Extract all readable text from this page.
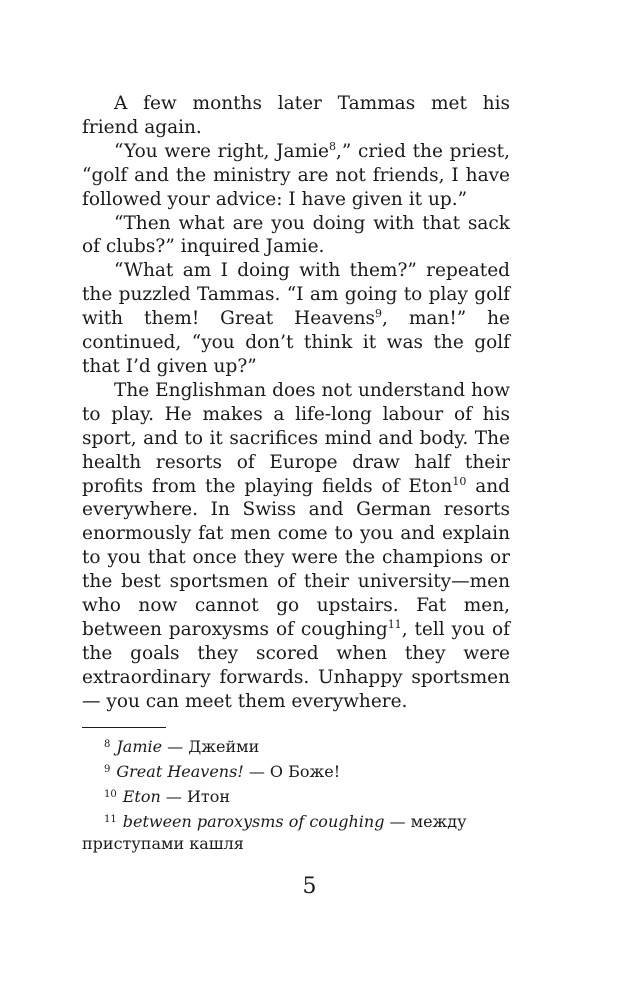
A few months later Tammas met his friend again.

“You were right, Jamie$^8$,” cried the priest, “golf and the ministry are not friends, I have followed your advice: I have given it up.”

“Then what are you doing with that sack of clubs?” inquired Jamie.

“What am I doing with them?” repeated the puzzled Tammas. “I am going to play golf with them! Great Heavens$^9$, man!” he continued, “you don’t think it was the golf that I’d given up?”

The Englishman does not understand how to play. He makes a life-long labour of his sport, and to it sacrifices mind and body. The health resorts of Europe draw half their profits from the playing fields of Eton$^{10}$ and everywhere. In Swiss and German resorts enormously fat men come to you and explain to you that once they were the champions or the best sportsmen of their university—men who now cannot go upstairs. Fat men, between paroxysms of coughing$^{11}$, tell you of the goals they scored when they were extraordinary forwards. Unhappy sportsmen — you can meet them everywhere.

$^8$ Jamie — Джейми

$^9$ Great Heavens! — О Боже!

$^{10}$ Eton — Итон

$^{11}$ between paroxysms of coughing — между приступами кашля

5
